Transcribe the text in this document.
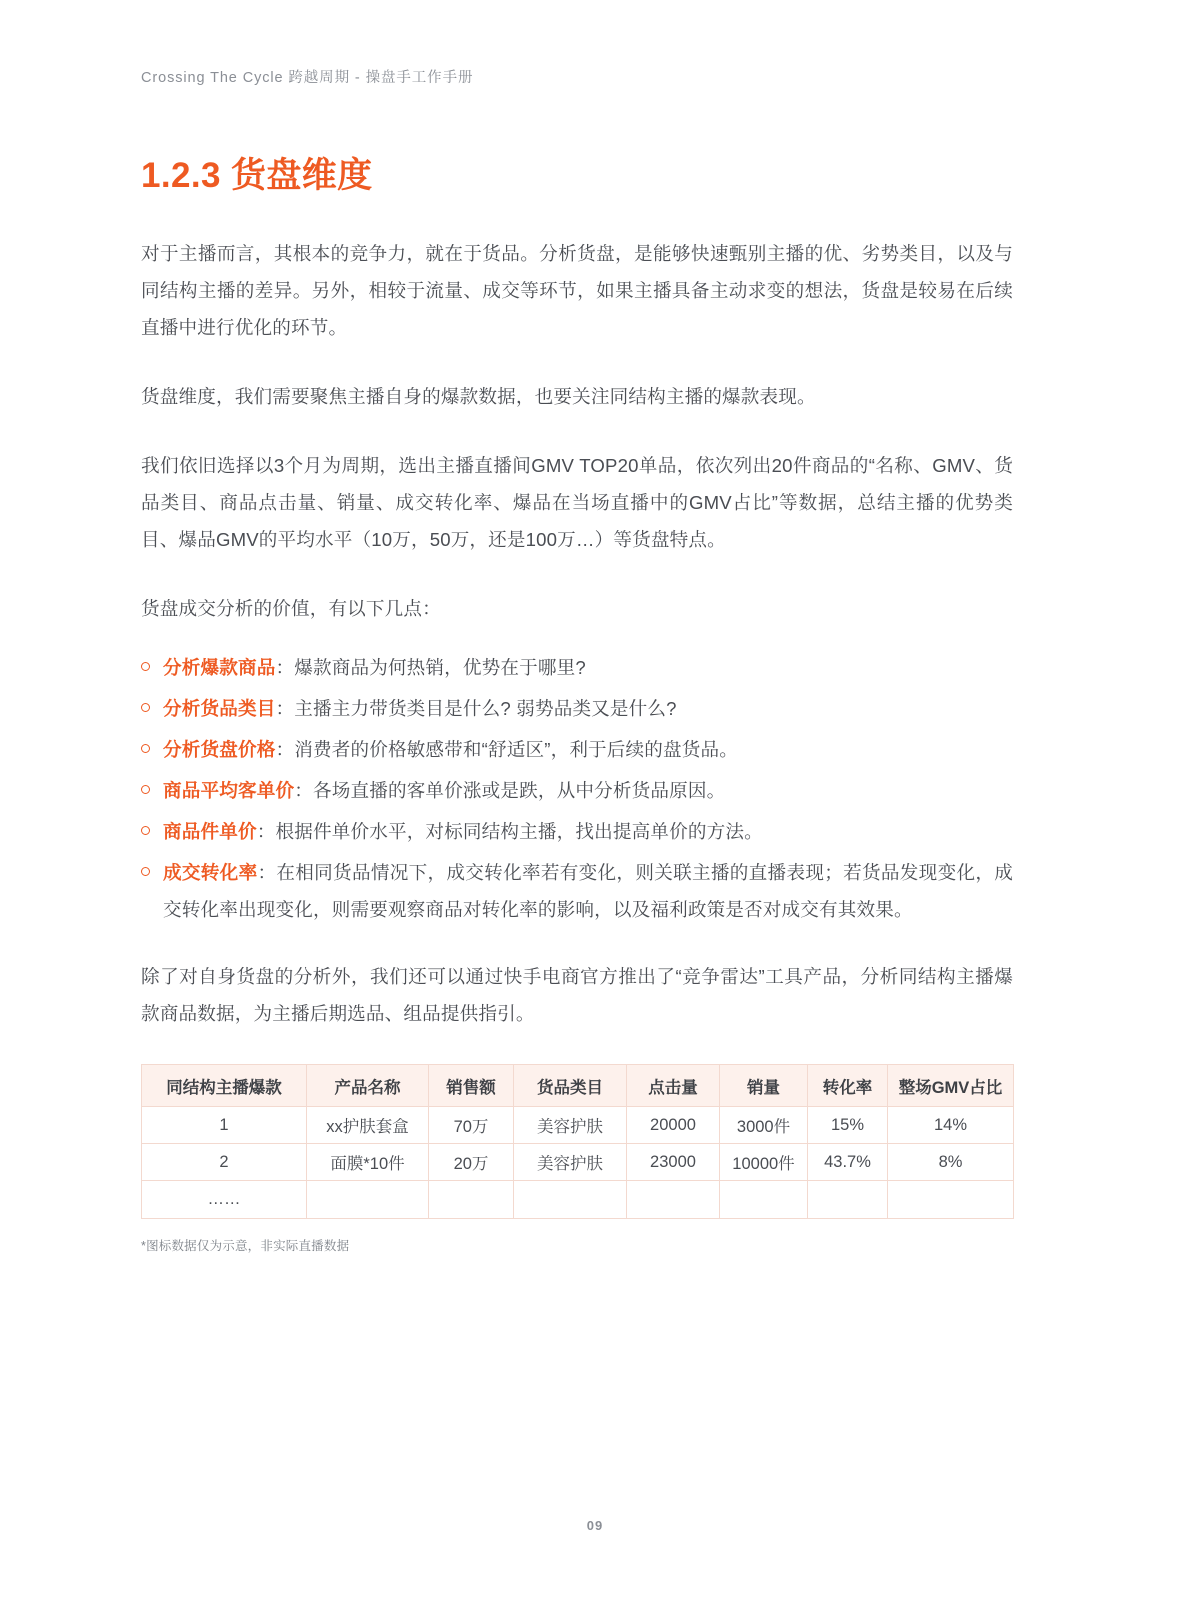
Crossing The Cycle 跨越周期 - 操盘手工作手册
1.2.3 货盘维度

对于主播而言，其根本的竞争力，就在于货品。分析货盘，是能够快速甄别主播的优、劣势类目，以及与同结构主播的差异。另外，相较于流量、成交等环节，如果主播具备主动求变的想法，货盘是较易在后续直播中进行优化的环节。

货盘维度，我们需要聚焦主播自身的爆款数据，也要关注同结构主播的爆款表现。

我们依旧选择以3个月为周期，选出主播直播间GMV TOP20单品，依次列出20件商品的“名称、GMV、货品类目、商品点击量、销量、成交转化率、爆品在当场直播中的GMV占比”等数据，总结主播的优势类目、爆品GMV的平均水平（10万，50万，还是100万…）等货盘特点。

货盘成交分析的价值，有以下几点：

分析爆款商品：爆款商品为何热销，优势在于哪里?
分析货品类目：主播主力带货类目是什么? 弱势品类又是什么?
分析货盘价格：消费者的价格敏感带和“舒适区”，利于后续的盘货品。
商品平均客单价：各场直播的客单价涨或是跌，从中分析货品原因。
商品件单价：根据件单价水平，对标同结构主播，找出提高单价的方法。
成交转化率：在相同货品情况下，成交转化率若有变化，则关联主播的直播表现；若货品发现变化，成交转化率出现变化，则需要观察商品对转化率的影响，以及福利政策是否对成交有其效果。

除了对自身货盘的分析外，我们还可以通过快手电商官方推出了“竞争雷达”工具产品，分析同结构主播爆款商品数据，为主播后期选品、组品提供指引。

同结构主播爆款	产品名称	销售额	货品类目	点击量	销量	转化率	整场GMV占比
1	xx护肤套盒	70万	美容护肤	20000	3000件	15%	14%
2	面膜*10件	20万	美容护肤	23000	10000件	43.7%	8%
……							
*图标数据仅为示意，非实际直播数据
09
